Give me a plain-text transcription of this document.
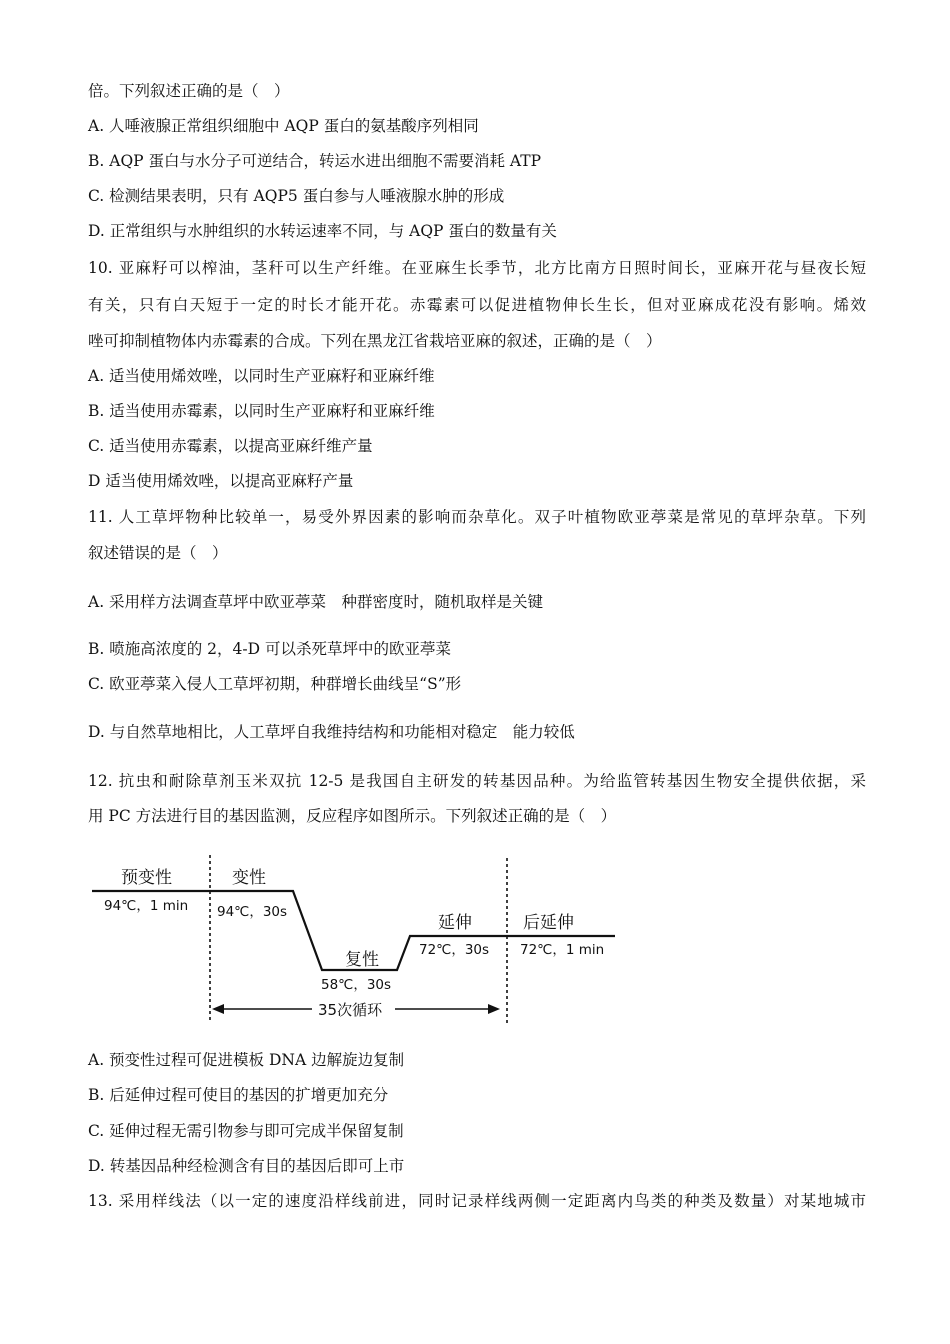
倍。下列叙述正确的是（　）
A. 人唾液腺正常组织细胞中 AQP 蛋白的氨基酸序列相同
B. AQP 蛋白与水分子可逆结合，转运水进出细胞不需要消耗 ATP
C. 检测结果表明，只有 AQP5 蛋白参与人唾液腺水肿的形成
D. 正常组织与水肿组织的水转运速率不同，与 AQP 蛋白的数量有关
10. 亚麻籽可以榨油，茎秆可以生产纤维。在亚麻生长季节，北方比南方日照时间长，亚麻开花与昼夜长短
有关，只有白天短于一定的时长才能开花。赤霉素可以促进植物伸长生长，但对亚麻成花没有影响。烯效
唑可抑制植物体内赤霉素的合成。下列在黑龙江省栽培亚麻的叙述，正确的是（　）
A. 适当使用烯效唑，以同时生产亚麻籽和亚麻纤维
B. 适当使用赤霉素，以同时生产亚麻籽和亚麻纤维
C. 适当使用赤霉素，以提高亚麻纤维产量
D 适当使用烯效唑，以提高亚麻籽产量
11. 人工草坪物种比较单一，易受外界因素的影响而杂草化。双子叶植物欧亚葶菜是常见的草坪杂草。下列
叙述错误的是（　）
A. 采用样方法调查草坪中欧亚葶菜　种群密度时，随机取样是关键
B. 喷施高浓度的 2，4-D 可以杀死草坪中的欧亚葶菜
C. 欧亚葶菜入侵人工草坪初期，种群增长曲线呈“S”形
D. 与自然草地相比，人工草坪自我维持结构和功能相对稳定　能力较低
12. 抗虫和耐除草剂玉米双抗 12-5 是我国自主研发的转基因品种。为给监管转基因生物安全提供依据，采
用 PC 方法进行目的基因监测，反应程序如图所示。下列叙述正确的是（　）
预变性
94℃，1 min
变性
94℃，30s
复性
58℃，30s
延伸
72℃，30s
后延伸
72℃，1 min
35次循环
A. 预变性过程可促进模板 DNA 边解旋边复制
B. 后延伸过程可使目的基因的扩增更加充分
C. 延伸过程无需引物参与即可完成半保留复制
D. 转基因品种经检测含有目的基因后即可上市
13. 采用样线法（以一定的速度沿样线前进，同时记录样线两侧一定距离内鸟类的种类及数量）对某地城市
